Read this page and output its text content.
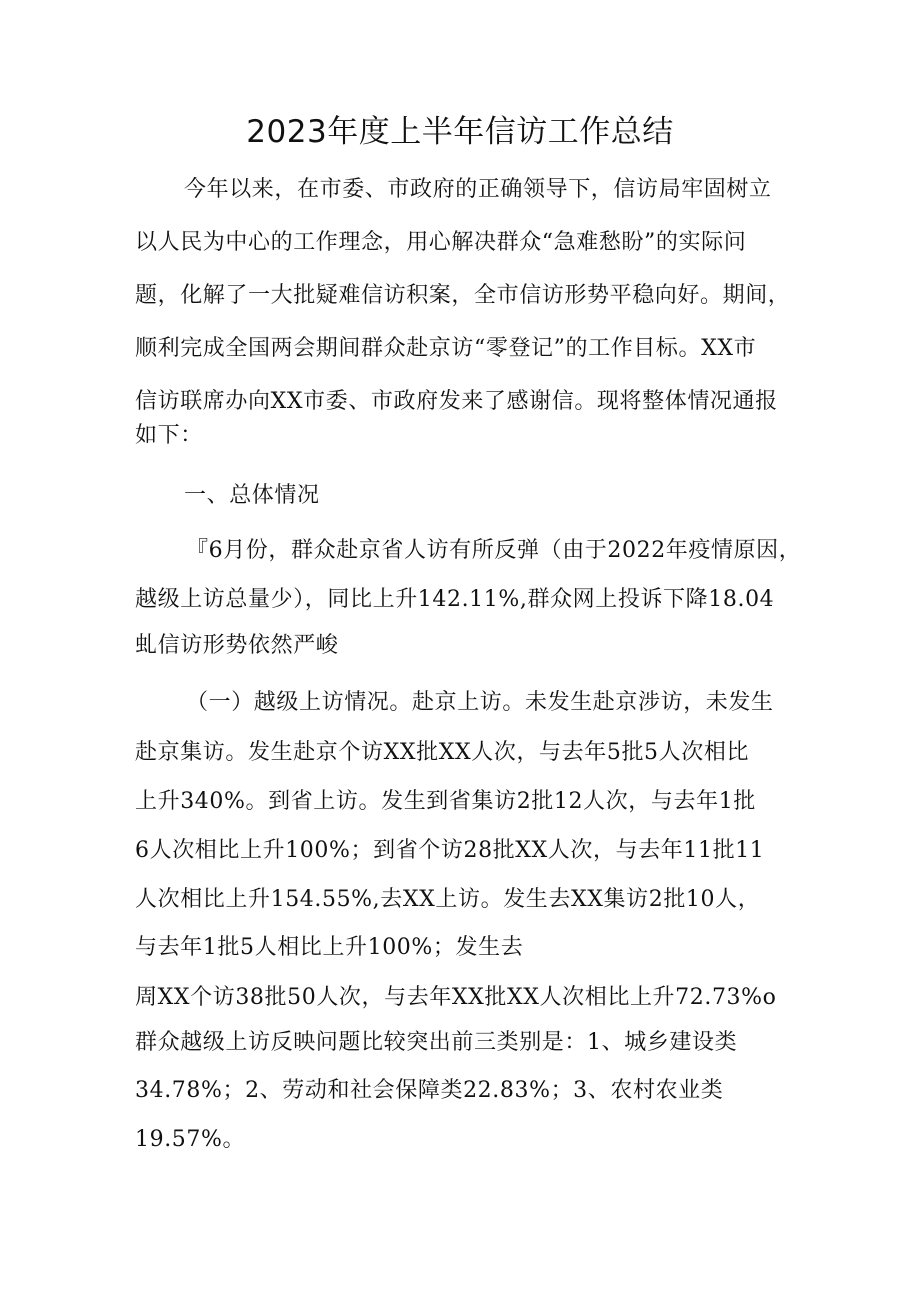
2023年度上半年信访工作总结
今年以来，在市委、市政府的正确领导下，信访局牢固树立
以人民为中心的工作理念，用心解决群众“急难愁盼”的实际问
题，化解了一大批疑难信访积案，全市信访形势平稳向好。期间，
顺利完成全国两会期间群众赴京访“零登记”的工作目标。XX市
信访联席办向XX市委、市政府发来了感谢信。现将整体情况通报
如下：
一、总体情况
『6月份，群众赴京省人访有所反弹（由于2022年疫情原因，
越级上访总量少），同比上升142.11%,群众网上投诉下降18.04
虬信访形势依然严峻
（一）越级上访情况。赴京上访。未发生赴京涉访，未发生
赴京集访。发生赴京个访XX批XX人次，与去年5批5人次相比
上升340%。到省上访。发生到省集访2批12人次，与去年1批
6人次相比上升100%；到省个访28批XX人次，与去年11批11
人次相比上升154.55%,去XX上访。发生去XX集访2批10人，
与去年1批5人相比上升100%；发生去
周XX个访38批50人次，与去年XX批XX人次相比上升72.73%o
群众越级上访反映问题比较突出前三类别是：1、城乡建设类
34.78%；2、劳动和社会保障类22.83%；3、农村农业类
19.57%。
